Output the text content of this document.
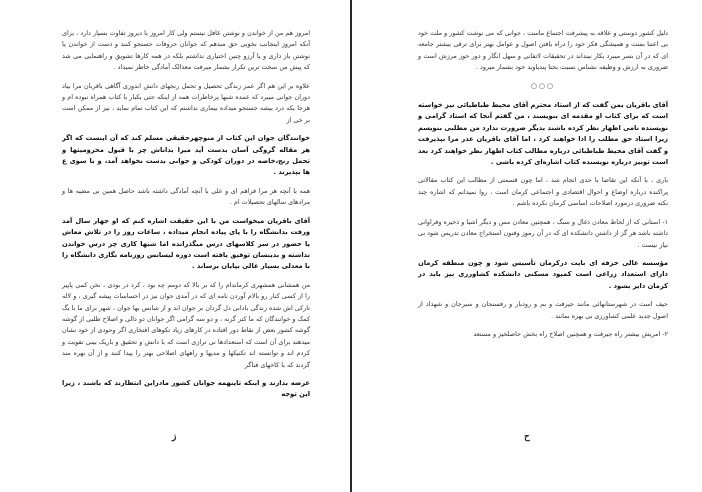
امروز هم من از خواندن و نوشتن غافل نیستم ولی کار امروز با دیروز تفاوت بسیار دارد ، برای آنکه امروز اینجانب بخوبی حق مبدهم که جوانان حروفات حستجو کنند و دست از خواندن یا نوشتن باز داری و یا آرزو چنین اختیاری نداشتم بلکه در همه کارها تشویق و راهنمایی می شد که پیش من سخت ترین تکرار بشمار میرفت معذالک آمادگی خاطر نمیداد .

علاوه بر این هم اگر عمر زندگی تحصیل و تحمل رنجهای دانش اندوزی آگاهی باقربان مرا بیاد دوران جوانی میبرد که عمده شبها پرخاطرات همه از اینکه حتی یکبار با کتاب همراه نبوده ام و هرجا یکه درد بیشه جستجو میداده بیماری نداشتم که این کتاب تمام نماید ، نیز از ممکن است بر خی از

خوانندگان جوان این کتاب از منوچهرحقیقی مسلم کند که آن اینست که اگر هر مقاله گروگی آسان بدست آید مبرا بداناش چز با قبول محرومیتها و تحمل رنج،خاصه در دوران کودکی و جوانی بدست نخواهد آمد، و با سوی ع ها بپذیرند .

همه با آنچه هر مرا فراهم ای و علی با آنچه آمادگی داشته باشد حاصل همین بی مضیه ها و مرادهای سالهای تحصیلات ام .

آقای باقریان میخواست من با این حقیقت اشاره کنم که او جهار سال آمد ورفت بدانشگاه را با پای پیاده انجام میداده ، ساعات روز را در تلاش معاش یا حضور در سر کلاسهای درس میگذرانده اما شبها کاری چز درس خواندن نداشته و بدینسان توفیق یافته است دوره لیسانس روزنامه نگاری دانشگاه را با معدلی بسیار عالی بپایان برساند .

من همشانی همشهری کرماندام را که بر بالا که دومم چه بود ، کرد در بودی ، نخن کمی پاپیر را از کسی کنار رو بالام آوردن نامه ای که در آمدی جوان نیز در احساسات پیشه گیری ، و لاله تارکی اش شده زندگی بادانی دل گردان بر جوان اند و از شانس بها جوان ، شهر برای ما با یگ کمک و خوانندگان که ما کتر گرنه ، و دو سه گرامی اگر جوانان دو دالی و اصلاح طلبی از گوشه گوشه کشور بعض از نقاط دور افتاده در کارهای زیاد تکوهای افتخاری اگر وحودی از خود نشان میدهند برای آن است که استعدادها نی ترازی است که با دانش و تحقیق و باریک بینی تقویت و کردم اند و توانسته اند تکنیکها و مدیها و راههای اصلاحی بهتر را پیدا کنند و از آن بهره مند گردند که با کاخهای فناگر

عرضه بدارند و اینکه تاینهمه جوانان کشور مادراین انتظارند که باشند ، زیرا این توجه

ز

دلیل کشور دوستی و علاقه به پیشرفت اجتماع ماست ، جوانی که می نوشت کشور و ملت خود بی اعتنا بست و همیشگی فکر خود را دراه یافتن اصول و عوامل بهتر برای ترقی بیشتر جامعه ای که در آن بسر میبرد بکار نبنداند در تحقیقات لاتفانی و سهل انگار و دور حوز مرزش است و ضروری به ارزش و وظیفه نشناس نسبت بختا پندیاوید خود بشمار میرود .

○○○

آقای باقریان بمن گفت که از استاد محترم آقای محیط طباطبائی نیز خواسته است که برای کتاب او مقدمه ای بنویسند ، من گفتم آنجا که استاد گرامی و نویسنده نامی اظهار نظر کرده باشند بدیگر ضرورت ندارد من مطلبی بنویسم زیرا استاد حق مطلب را ادا خواهند کرد ، اما آقای باقریان عذر مرا نپذیرفت و گفت آقای محیط طباطبائی درباره مطالب کتاب اظهار نظر خواهند کرد بعد است تونیز درباره نویسنده کتاب اشاره‌ای کرده باشی .

باری ، با آنکه این تقاضا با حدی انجام شد ، اما چون قسمتی از مطالب این کتاب مقالاتی پراکنده درباره اوضاع و احوال اقتصادی و اجتماعی کرمان است ، روا نمیدانم که اشاره چند نکته ضروری درمورد اصلاحات اساسی کرمان نکرده باشم .

۱- استانی که از لحاظ معادن ذغال و سنگ ، همچنین معادن مس و دیگر اشیا و ذخیره وفراوانی داشته باشد هر گز از داشتن دانشکده ای که در آن رموز وفنون استخراج معادن تدریس شود بی نیاز نیست .

مؤسسه عالی حرفه ای بایت درکرمان تأسیس شود و چون منطقه کرمان دارای استعداد زراعی است کمبود مسکنی دانشکده کشاورزی نیز باید در کرمان دایر بشود .

حیف است در شهرستانهائی مانند جیرفت و بم و رودبار و رفسنجان و سیرجان و شهداد از اصول جدید علمی کشاورزی بی بهره بمانند .

۲- امریش بیشتر راه جیرفت و همچنین اصلاح راه بخش حاصلخیز و مستعد

ح
